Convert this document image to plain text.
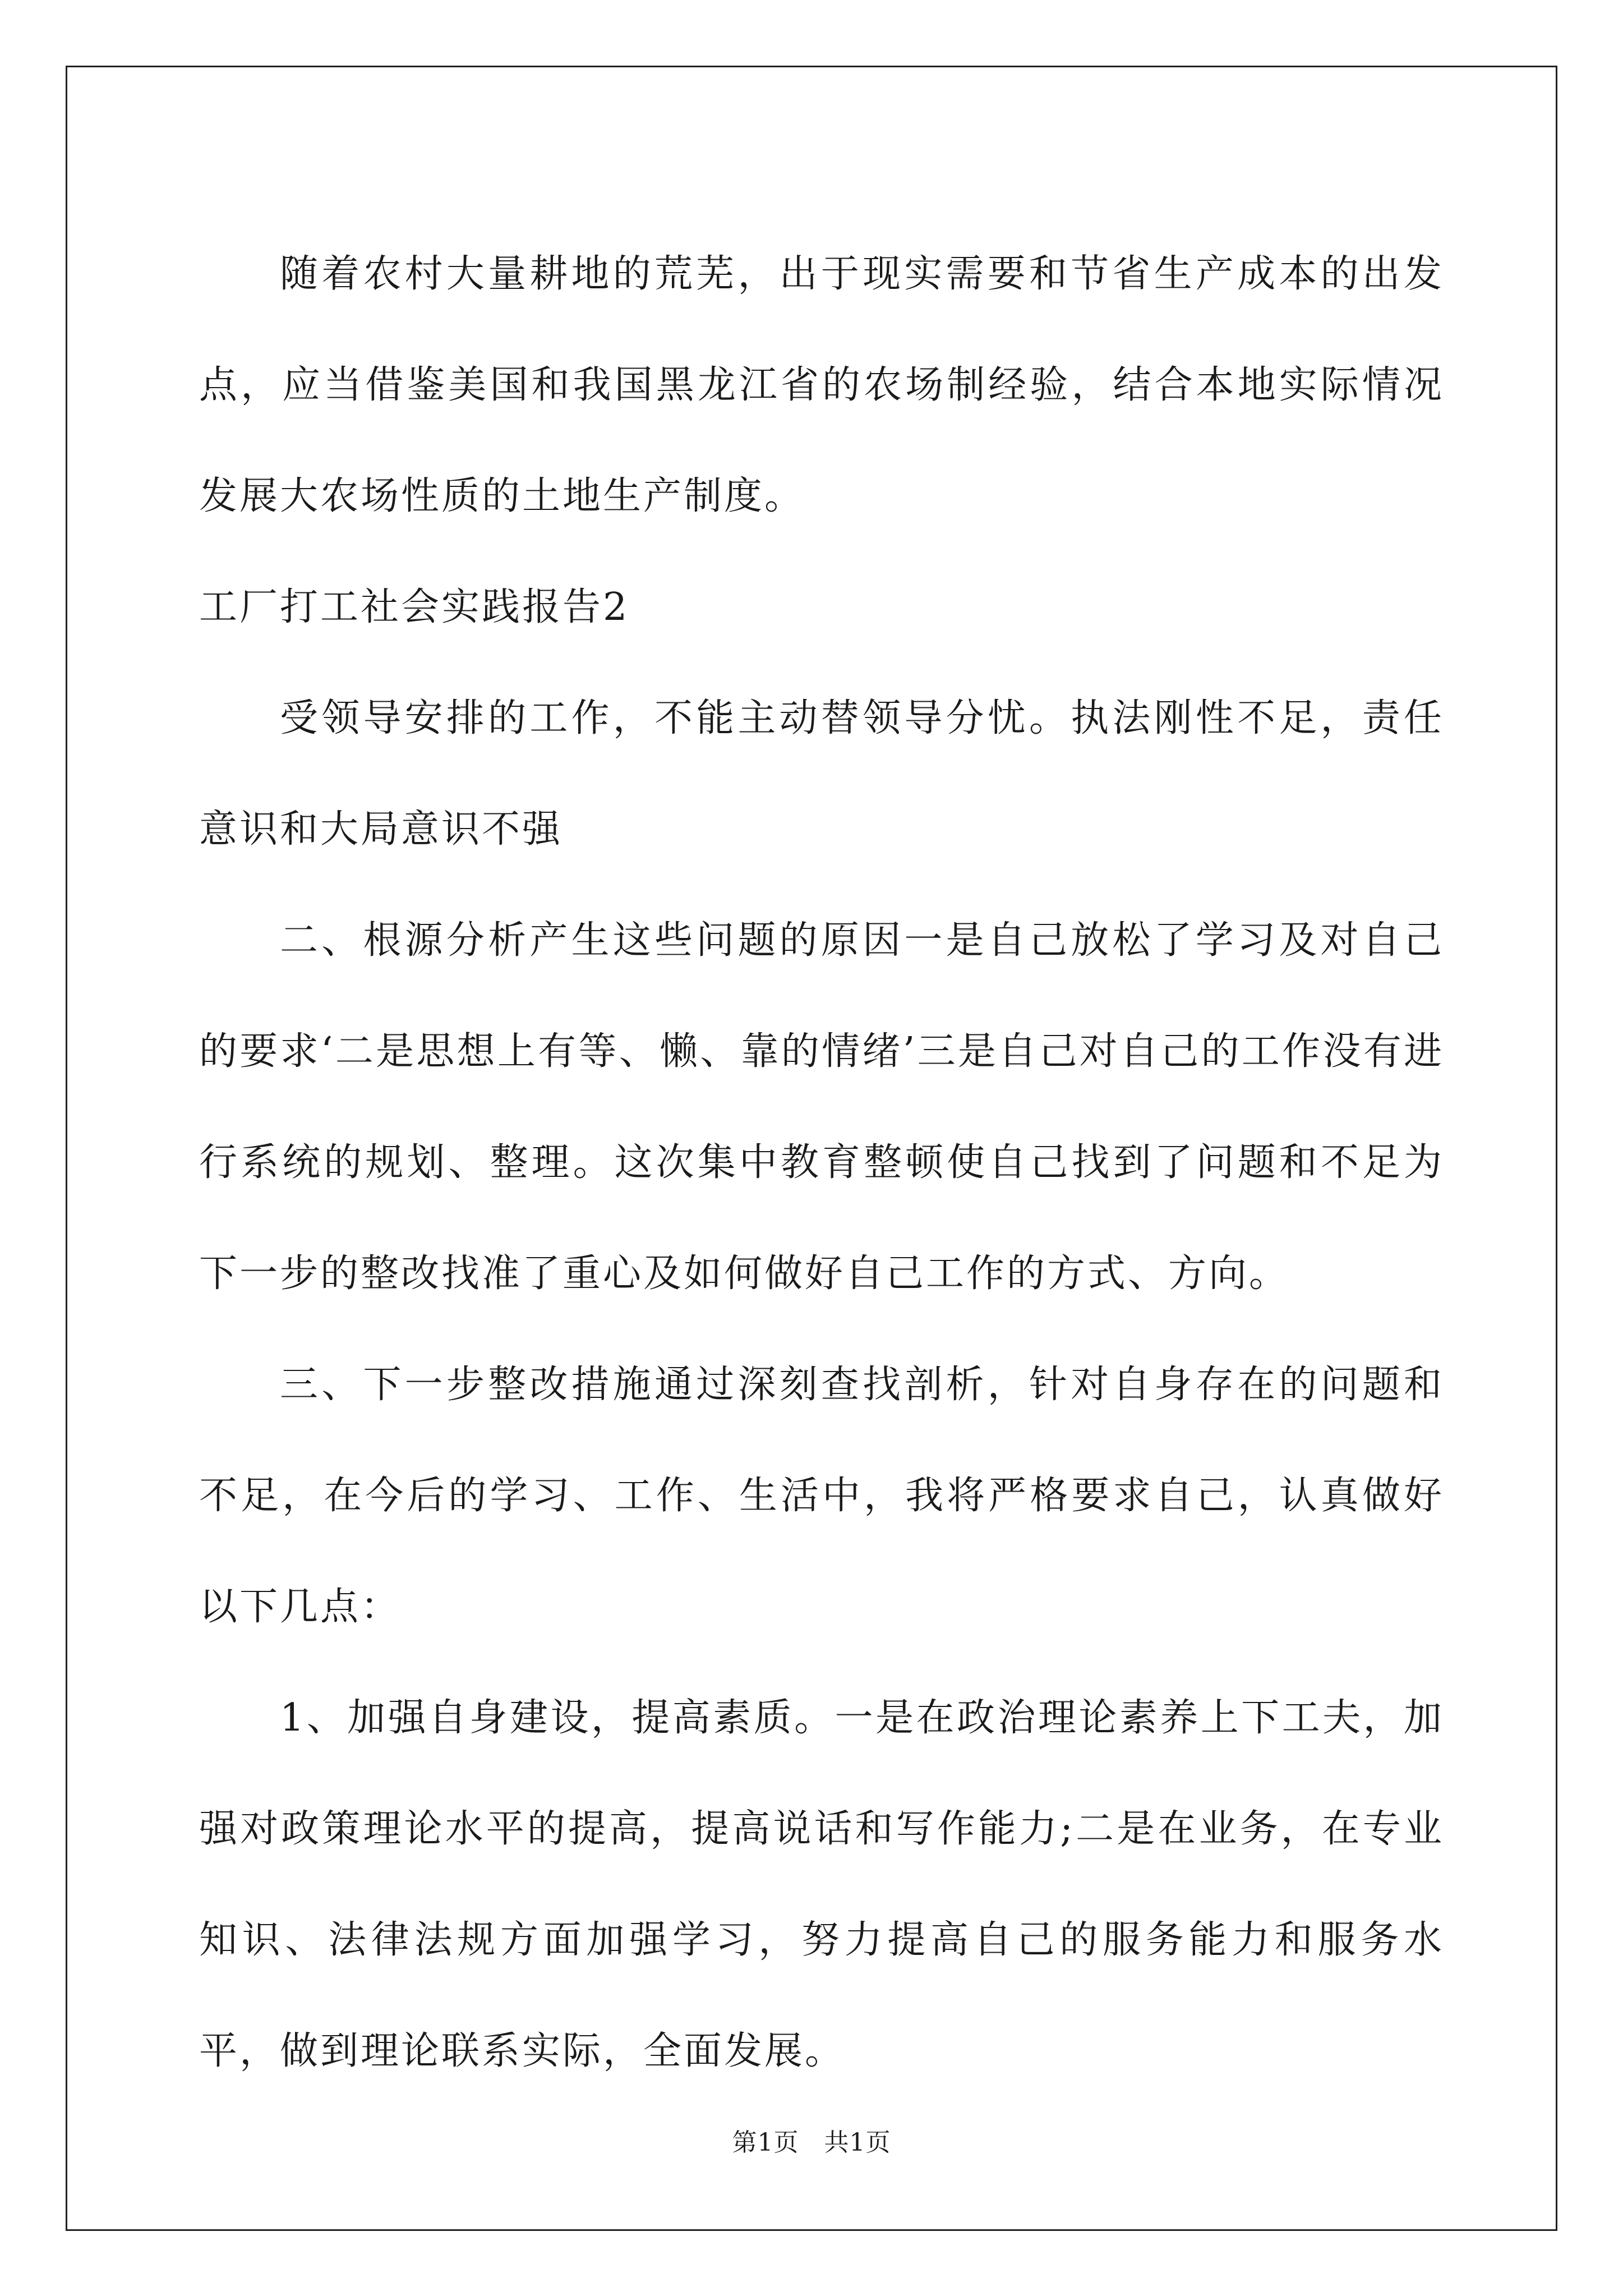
随着农村大量耕地的荒芜，出于现实需要和节省生产成本的出发点，应当借鉴美国和我国黑龙江省的农场制经验，结合本地实际情况发展大农场性质的土地生产制度。

工厂打工社会实践报告2

受领导安排的工作，不能主动替领导分忧。执法刚性不足，责任意识和大局意识不强

二、根源分析产生这些问题的原因一是自己放松了学习及对自己的要求‘二是思想上有等、懒、靠的情绪’三是自己对自己的工作没有进行系统的规划、整理。这次集中教育整顿使自己找到了问题和不足为下一步的整改找准了重心及如何做好自己工作的方式、方向。

三、下一步整改措施通过深刻查找剖析，针对自身存在的问题和不足，在今后的学习、工作、生活中，我将严格要求自己，认真做好以下几点：

1、加强自身建设，提高素质。一是在政治理论素养上下工夫，加强对政策理论水平的提高，提高说话和写作能力;二是在业务，在专业知识、法律法规方面加强学习，努力提高自己的服务能力和服务水平，做到理论联系实际，全面发展。

第1页   共1页
